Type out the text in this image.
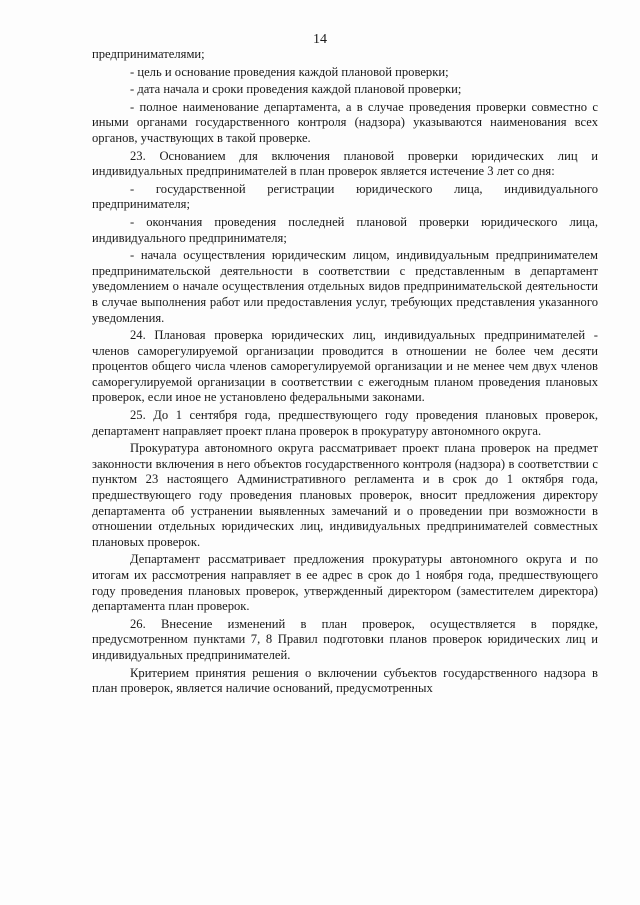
14

предпринимателями;

- цель и основание проведения каждой плановой проверки;

- дата начала и сроки проведения каждой плановой проверки;

- полное наименование департамента, а в случае проведения проверки совместно с иными органами государственного контроля (надзора) указываются наименования всех органов, участвующих в такой проверке.

23. Основанием для включения плановой проверки юридических лиц и индивидуальных предпринимателей в план проверок является истечение 3 лет со дня:

- государственной регистрации юридического лица, индивидуального предпринимателя;

- окончания проведения последней плановой проверки юридического лица, индивидуального предпринимателя;

- начала осуществления юридическим лицом, индивидуальным предпринимателем предпринимательской деятельности в соответствии с представленным в департамент уведомлением о начале осуществления отдельных видов предпринимательской деятельности в случае выполнения работ или предоставления услуг, требующих представления указанного уведомления.

24. Плановая проверка юридических лиц, индивидуальных предпринимателей - членов саморегулируемой организации проводится в отношении не более чем десяти процентов общего числа членов саморегулируемой организации и не менее чем двух членов саморегулируемой организации в соответствии с ежегодным планом проведения плановых проверок, если иное не установлено федеральными законами.

25. До 1 сентября года, предшествующего году проведения плановых проверок, департамент направляет проект плана проверок в прокуратуру автономного округа.

Прокуратура автономного округа рассматривает проект плана проверок на предмет законности включения в него объектов государственного контроля (надзора) в соответствии с пунктом 23 настоящего Административного регламента и в срок до 1 октября года, предшествующего году проведения плановых проверок, вносит предложения директору департамента об устранении выявленных замечаний и о проведении при возможности в отношении отдельных юридических лиц, индивидуальных предпринимателей совместных плановых проверок.

Департамент рассматривает предложения прокуратуры автономного округа и по итогам их рассмотрения направляет в ее адрес в срок до 1 ноября года, предшествующего году проведения плановых проверок, утвержденный директором (заместителем директора) департамента план проверок.

26. Внесение изменений в план проверок, осуществляется в порядке, предусмотренном пунктами 7, 8 Правил подготовки планов проверок юридических лиц и индивидуальных предпринимателей.

Критерием принятия решения о включении субъектов государственного надзора в план проверок, является наличие оснований, предусмотренных
